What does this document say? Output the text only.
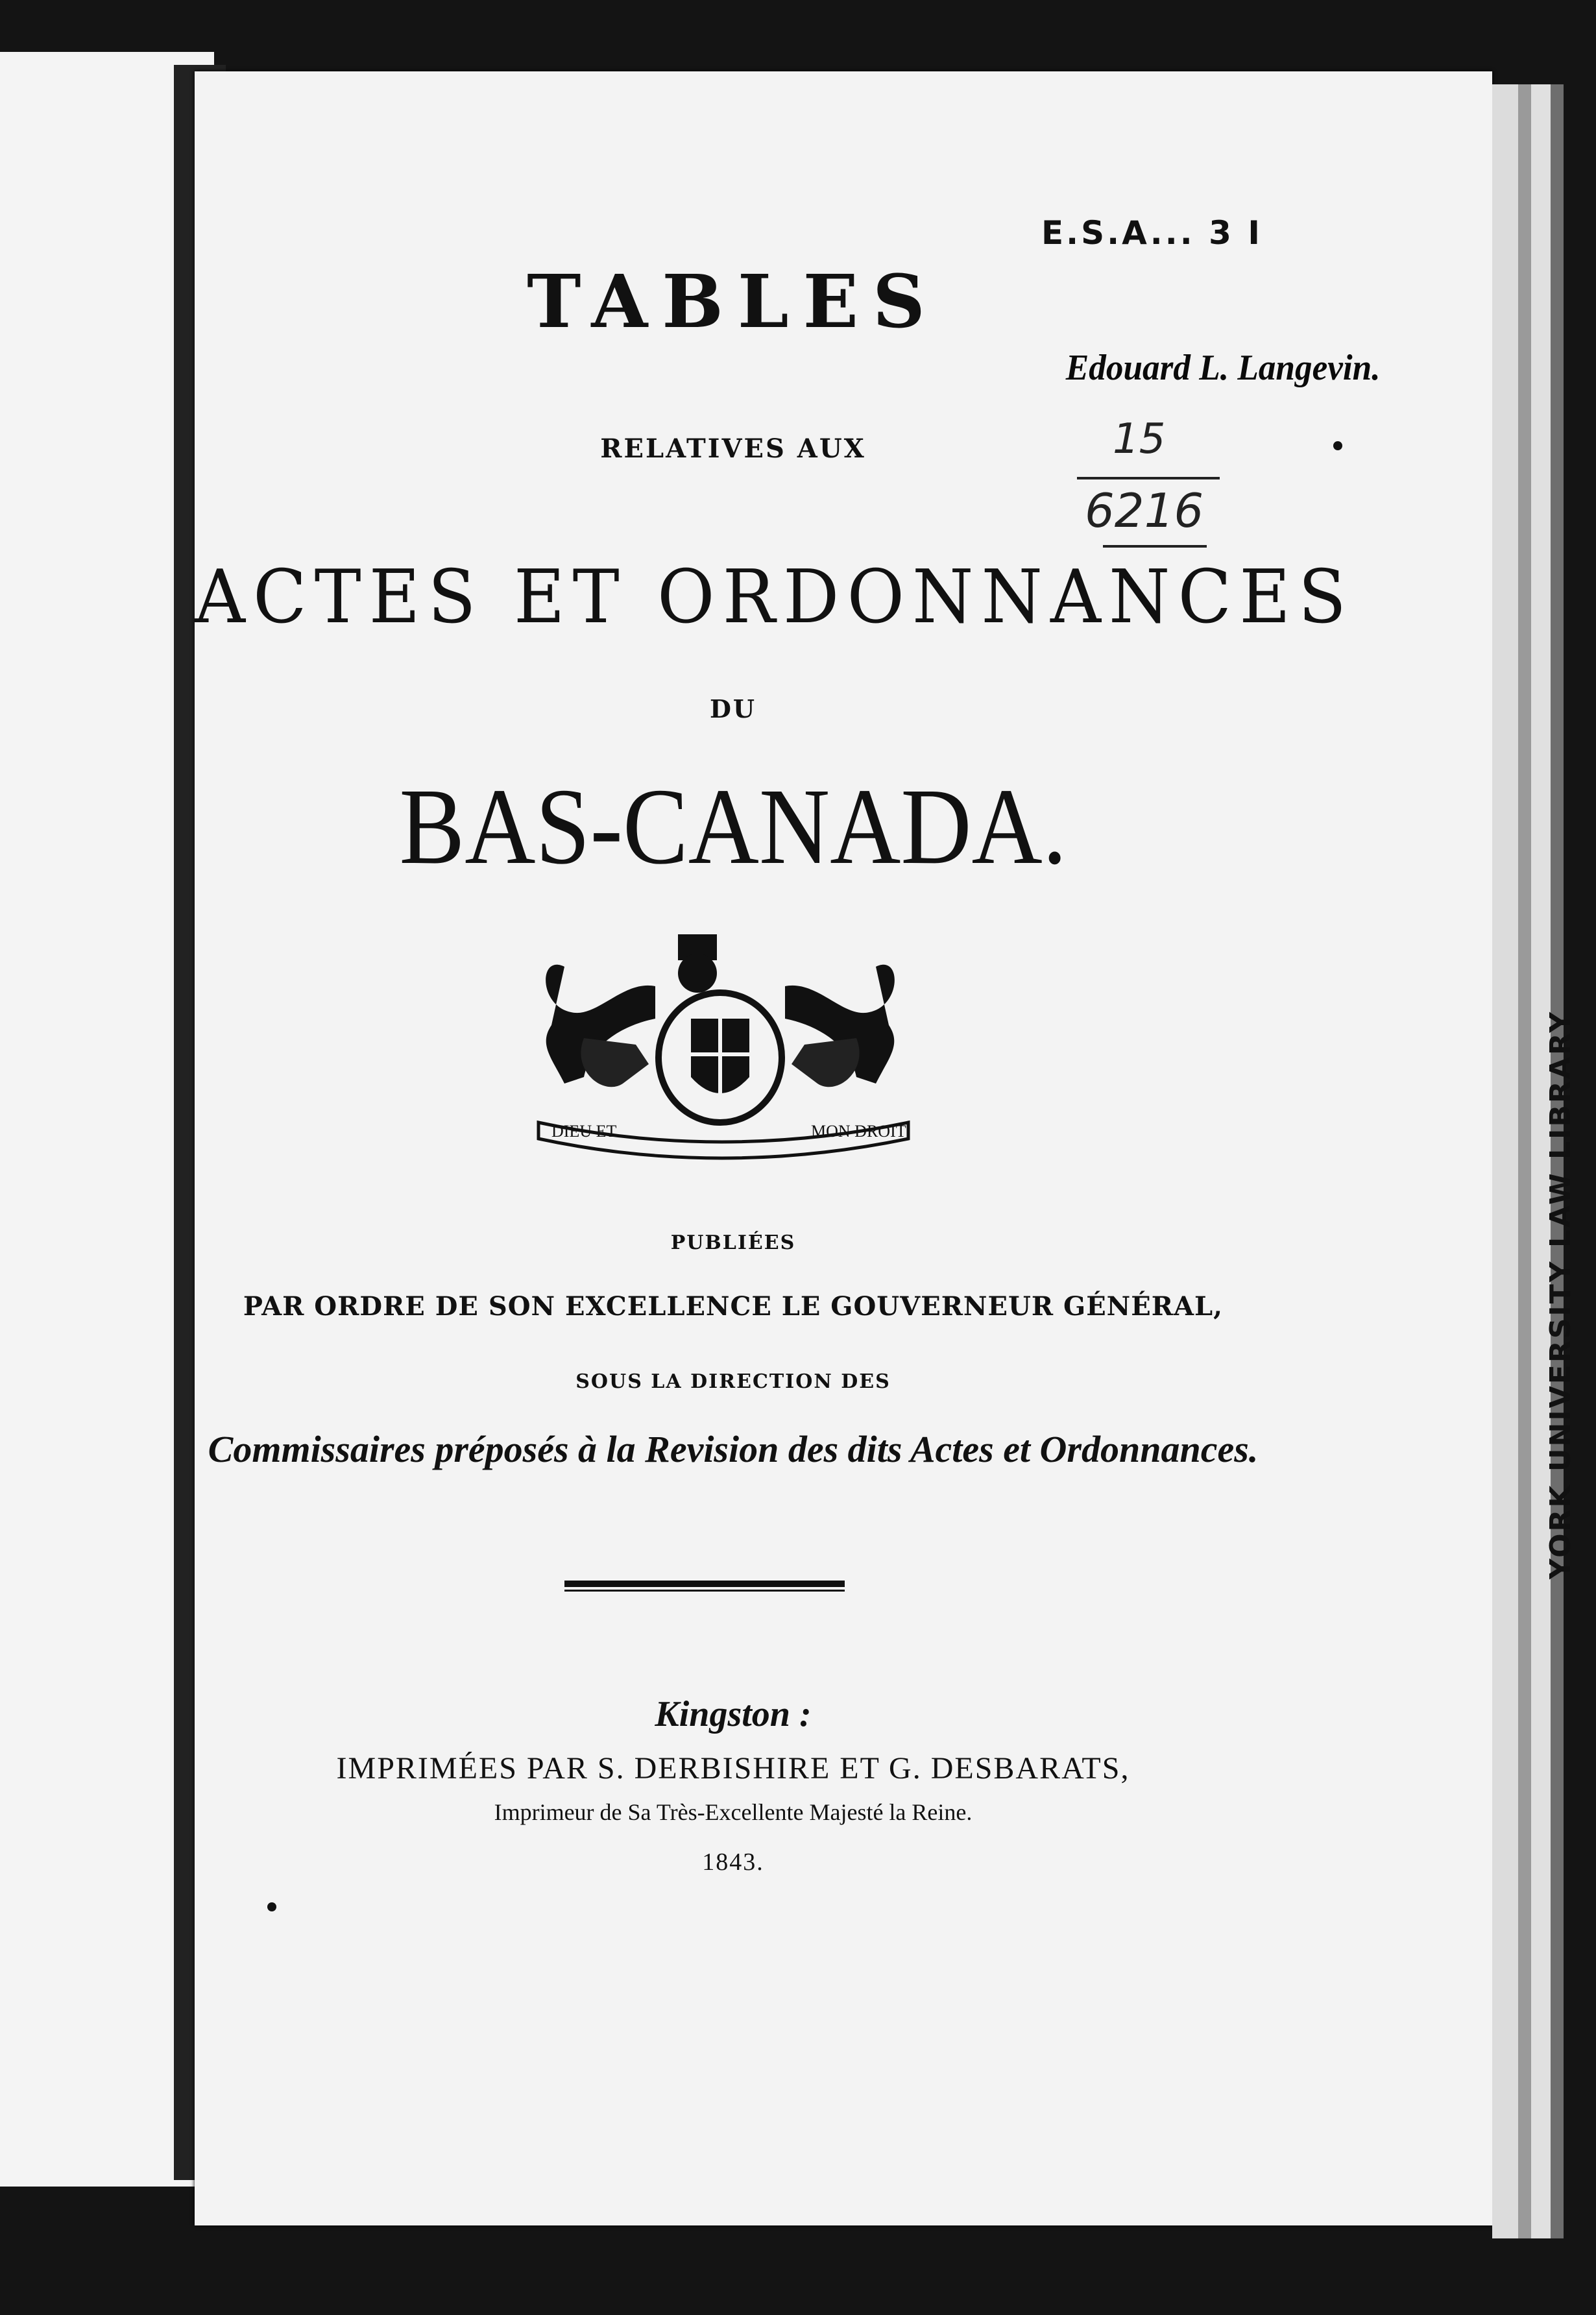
TABLES
RELATIVES AUX
ACTES ET ORDONNANCES
DU
BAS-CANADA.
DIEU ET	MON DROIT
PUBLIÉES
PAR ORDRE DE SON EXCELLENCE LE GOUVERNEUR GÉNÉRAL,
SOUS LA DIRECTION DES
Commissaires préposés à la Revision des dits Actes et Ordonnances.
Kingston :
IMPRIMÉES PAR S. DERBISHIRE ET G. DESBARATS,
Imprimeur de Sa Très-Excellente Majesté la Reine.
1843.
E.S.A... 3 I
Edouard L. Langevin.
15
6216
YORK UNIVERSITY LAW LIBRARY
